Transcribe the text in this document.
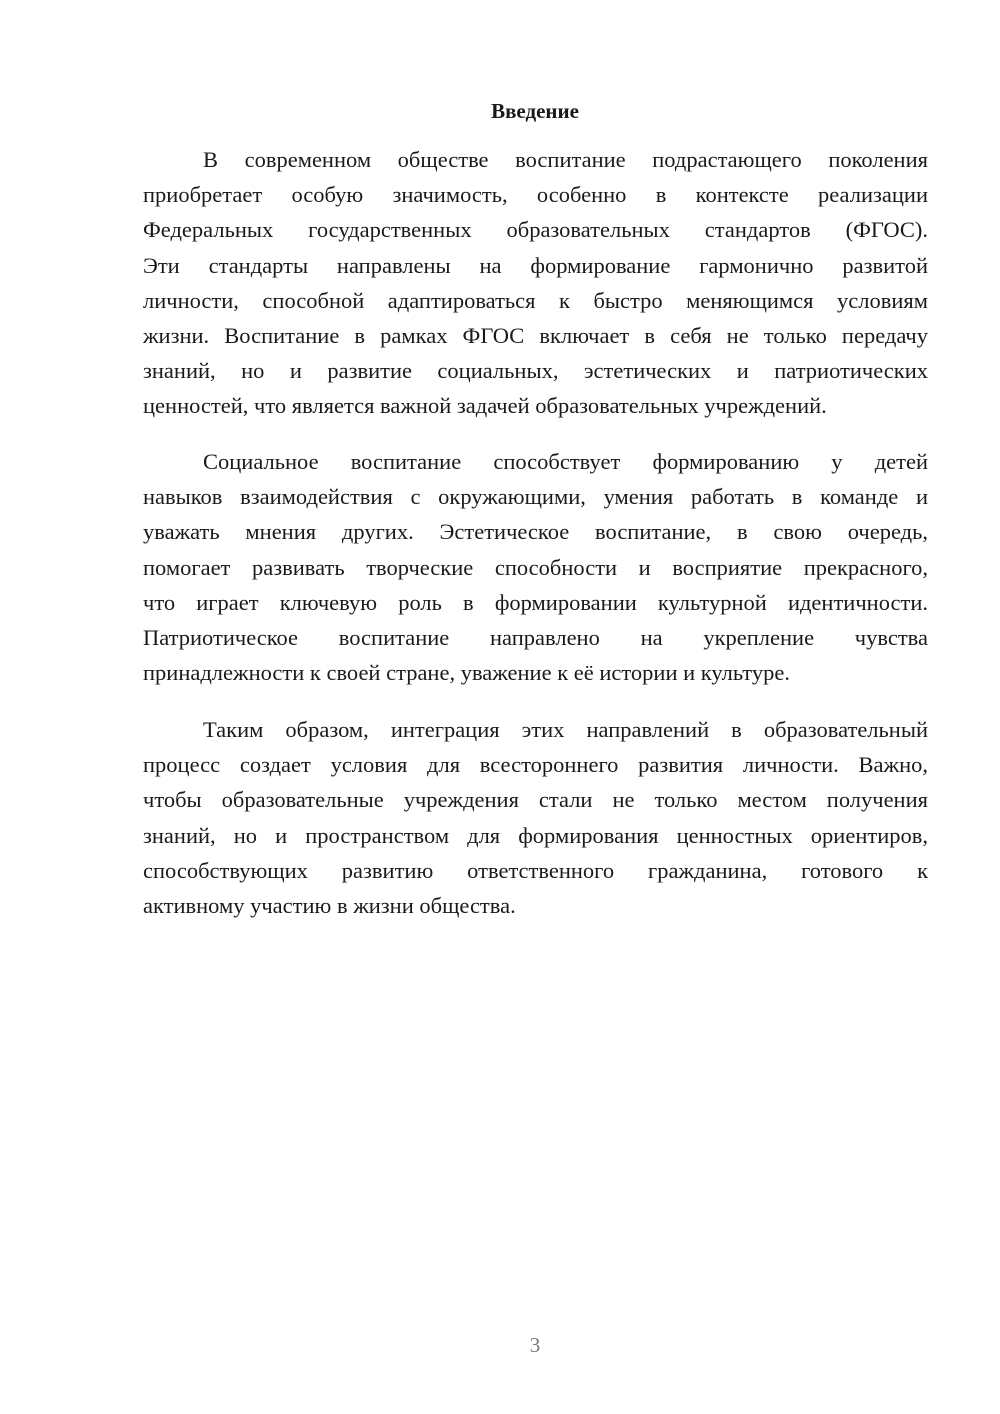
Введение
В современном обществе воспитание подрастающего поколения
приобретает особую значимость, особенно в контексте реализации
Федеральных государственных образовательных стандартов (ФГОС).
Эти стандарты направлены на формирование гармонично развитой
личности, способной адаптироваться к быстро меняющимся условиям
жизни. Воспитание в рамках ФГОС включает в себя не только передачу
знаний, но и развитие социальных, эстетических и патриотических
ценностей, что является важной задачей образовательных учреждений.
Социальное воспитание способствует формированию у детей
навыков взаимодействия с окружающими, умения работать в команде и
уважать мнения других. Эстетическое воспитание, в свою очередь,
помогает развивать творческие способности и восприятие прекрасного,
что играет ключевую роль в формировании культурной идентичности.
Патриотическое воспитание направлено на укрепление чувства
принадлежности к своей стране, уважение к её истории и культуре.
Таким образом, интеграция этих направлений в образовательный
процесс создает условия для всестороннего развития личности. Важно,
чтобы образовательные учреждения стали не только местом получения
знаний, но и пространством для формирования ценностных ориентиров,
способствующих развитию ответственного гражданина, готового к
активному участию в жизни общества.
3
